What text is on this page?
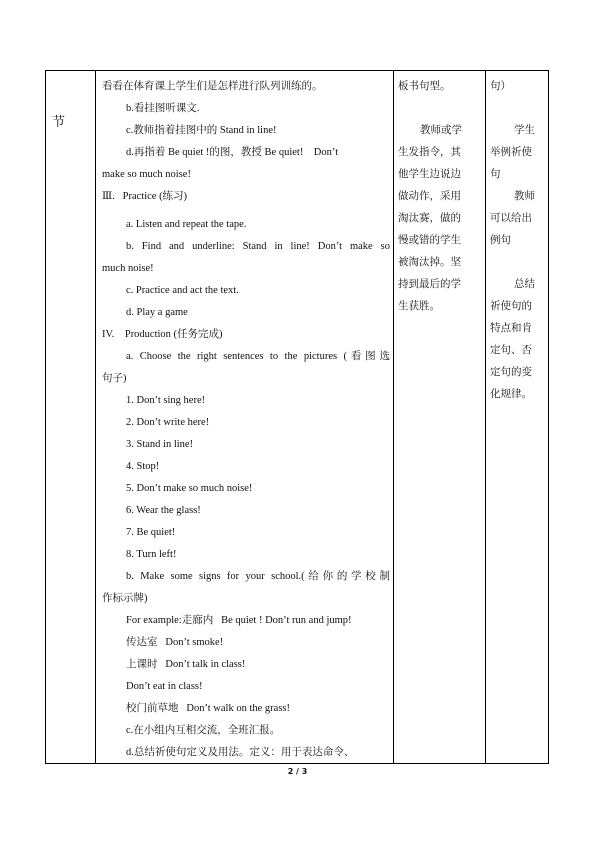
节

看看在体育课上学生们是怎样进行队列训练的。

b.看挂图听课文.

c.教师指着挂图中的 Stand in line!

d.再指着 Be quiet !的图，教授 Be quiet!    Don’t

make so much noise!

Ⅲ.   Practice (练习)

a. Listen and repeat the tape.

b. Find and underline: Stand in line! Don’t make so

much noise!

c. Practice and act the text.

d. Play a game

IV.    Production (任务完成)

a. Choose the right sentences to the pictures (看图选

句子)

1. Don’t sing here!

2. Don’t write here!

3. Stand in line!

4. Stop!

5. Don’t make so much noise!

6. Wear the glass!

7. Be quiet!

8. Turn left!

b. Make some signs for your school.(给你的学校制

作标示牌)

For example:走廊内   Be quiet ! Don’t run and jump!

传达室   Don’t smoke!

上课时   Don’t talk in class!

Don’t eat in class!

校门前草地   Don’t walk on the grass!

c.在小组内互相交流，全班汇报。

d.总结祈使句定义及用法。定义：用于表达命令、

板书句型。

教师或学

生发指令，其

他学生边说边

做动作，采用

淘汰赛，做的

慢或错的学生

被淘汰掉。坚

持到最后的学

生获胜。

句）

学生

举例祈使

句

教师

可以给出

例句

总结

祈使句的

特点和肯

定句、否

定句的变

化规律。

2 / 3
